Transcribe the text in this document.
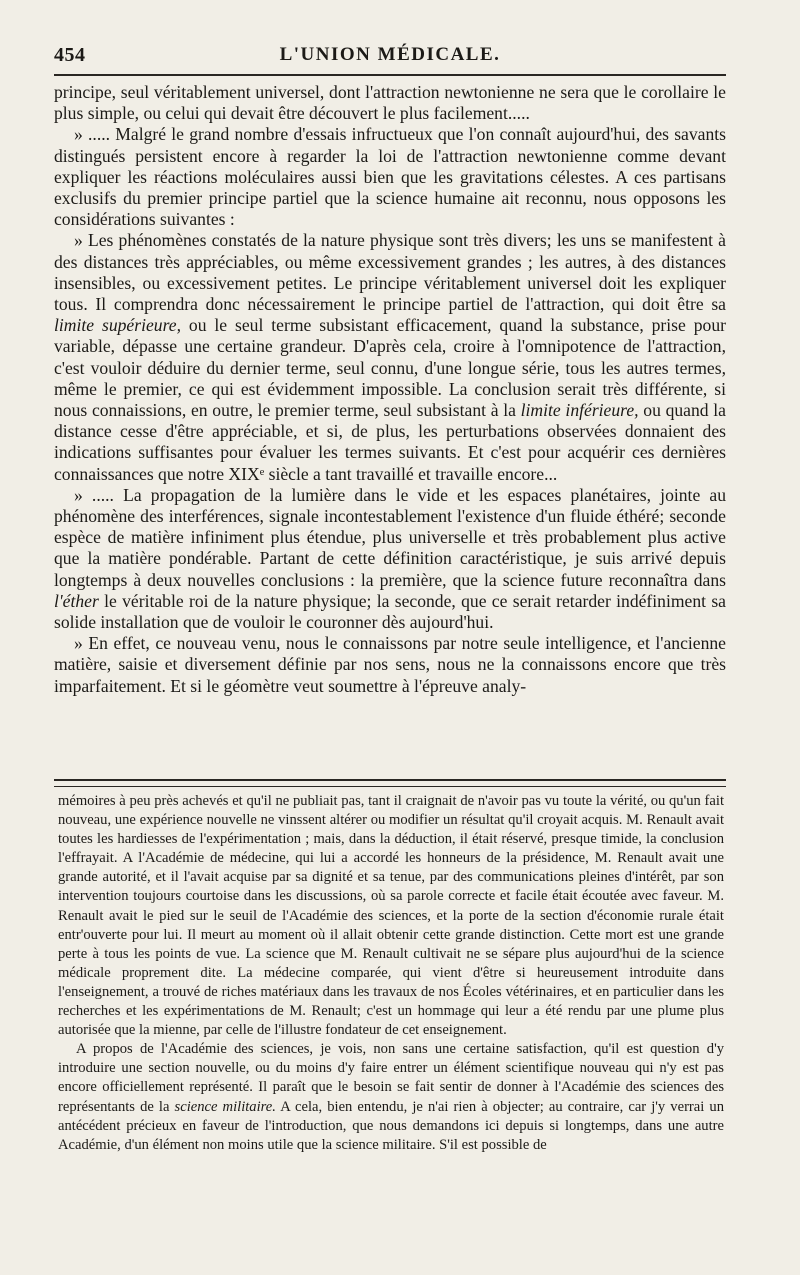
454	L'UNION MÉDICALE.

principe, seul véritablement universel, dont l'attraction newtonienne ne sera que le corollaire le plus simple, ou celui qui devait être découvert le plus facilement.....

» ..... Malgré le grand nombre d'essais infructueux que l'on connaît aujourd'hui, des savants distingués persistent encore à regarder la loi de l'attraction newtonienne comme devant expliquer les réactions moléculaires aussi bien que les gravitations célestes. A ces partisans exclusifs du premier principe partiel que la science humaine ait reconnu, nous opposons les considérations suivantes :

» Les phénomènes constatés de la nature physique sont très divers; les uns se manifestent à des distances très appréciables, ou même excessivement grandes ; les autres, à des distances insensibles, ou excessivement petites. Le principe véritablement universel doit les expliquer tous. Il comprendra donc nécessairement le principe partiel de l'attraction, qui doit être sa limite supérieure, ou le seul terme subsistant efficacement, quand la substance, prise pour variable, dépasse une certaine grandeur. D'après cela, croire à l'omnipotence de l'attraction, c'est vouloir déduire du dernier terme, seul connu, d'une longue série, tous les autres termes, même le premier, ce qui est évidemment impossible. La conclusion serait très différente, si nous connaissions, en outre, le premier terme, seul subsistant à la limite inférieure, ou quand la distance cesse d'être appréciable, et si, de plus, les perturbations observées donnaient des indications suffisantes pour évaluer les termes suivants. Et c'est pour acquérir ces dernières connaissances que notre XIXᵉ siècle a tant travaillé et travaille encore...

» ..... La propagation de la lumière dans le vide et les espaces planétaires, jointe au phénomène des interférences, signale incontestablement l'existence d'un fluide éthéré; seconde espèce de matière infiniment plus étendue, plus universelle et très probablement plus active que la matière pondérable. Partant de cette définition caractéristique, je suis arrivé depuis longtemps à deux nouvelles conclusions : la première, que la science future reconnaîtra dans l'éther le véritable roi de la nature physique; la seconde, que ce serait retarder indéfiniment sa solide installation que de vouloir le couronner dès aujourd'hui.

» En effet, ce nouveau venu, nous le connaissons par notre seule intelligence, et l'ancienne matière, saisie et diversement définie par nos sens, nous ne la connaissons encore que très imparfaitement. Et si le géomètre veut soumettre à l'épreuve analy-

mémoires à peu près achevés et qu'il ne publiait pas, tant il craignait de n'avoir pas vu toute la vérité, ou qu'un fait nouveau, une expérience nouvelle ne vinssent altérer ou modifier un résultat qu'il croyait acquis. M. Renault avait toutes les hardiesses de l'expérimentation ; mais, dans la déduction, il était réservé, presque timide, la conclusion l'effrayait. A l'Académie de médecine, qui lui a accordé les honneurs de la présidence, M. Renault avait une grande autorité, et il l'avait acquise par sa dignité et sa tenue, par des communications pleines d'intérêt, par son intervention toujours courtoise dans les discussions, où sa parole correcte et facile était écoutée avec faveur. M. Renault avait le pied sur le seuil de l'Académie des sciences, et la porte de la section d'économie rurale était entr'ouverte pour lui. Il meurt au moment où il allait obtenir cette grande distinction. Cette mort est une grande perte à tous les points de vue. La science que M. Renault cultivait ne se sépare plus aujourd'hui de la science médicale proprement dite. La médecine comparée, qui vient d'être si heureusement introduite dans l'enseignement, a trouvé de riches matériaux dans les travaux de nos Écoles vétérinaires, et en particulier dans les recherches et les expérimentations de M. Renault; c'est un hommage qui leur a été rendu par une plume plus autorisée que la mienne, par celle de l'illustre fondateur de cet enseignement.

A propos de l'Académie des sciences, je vois, non sans une certaine satisfaction, qu'il est question d'y introduire une section nouvelle, ou du moins d'y faire entrer un élément scientifique nouveau qui n'y est pas encore officiellement représenté. Il paraît que le besoin se fait sentir de donner à l'Académie des sciences des représentants de la science militaire. A cela, bien entendu, je n'ai rien à objecter; au contraire, car j'y verrai un antécédent précieux en faveur de l'introduction, que nous demandons ici depuis si longtemps, dans une autre Académie, d'un élément non moins utile que la science militaire. S'il est possible de
